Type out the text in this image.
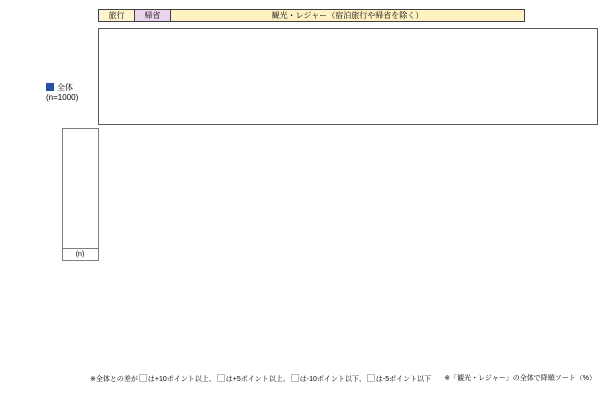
旅行	帰省	観光・レジャー（宿泊旅行や帰省を除く）
全体
(n=1000)

(n)
※全体との差が は+10ポイント以上、 は+5ポイント以上、 は-10ポイント以下、 は-5ポイント以下 ※「観光・レジャー」の全体で降順ソート（%）
